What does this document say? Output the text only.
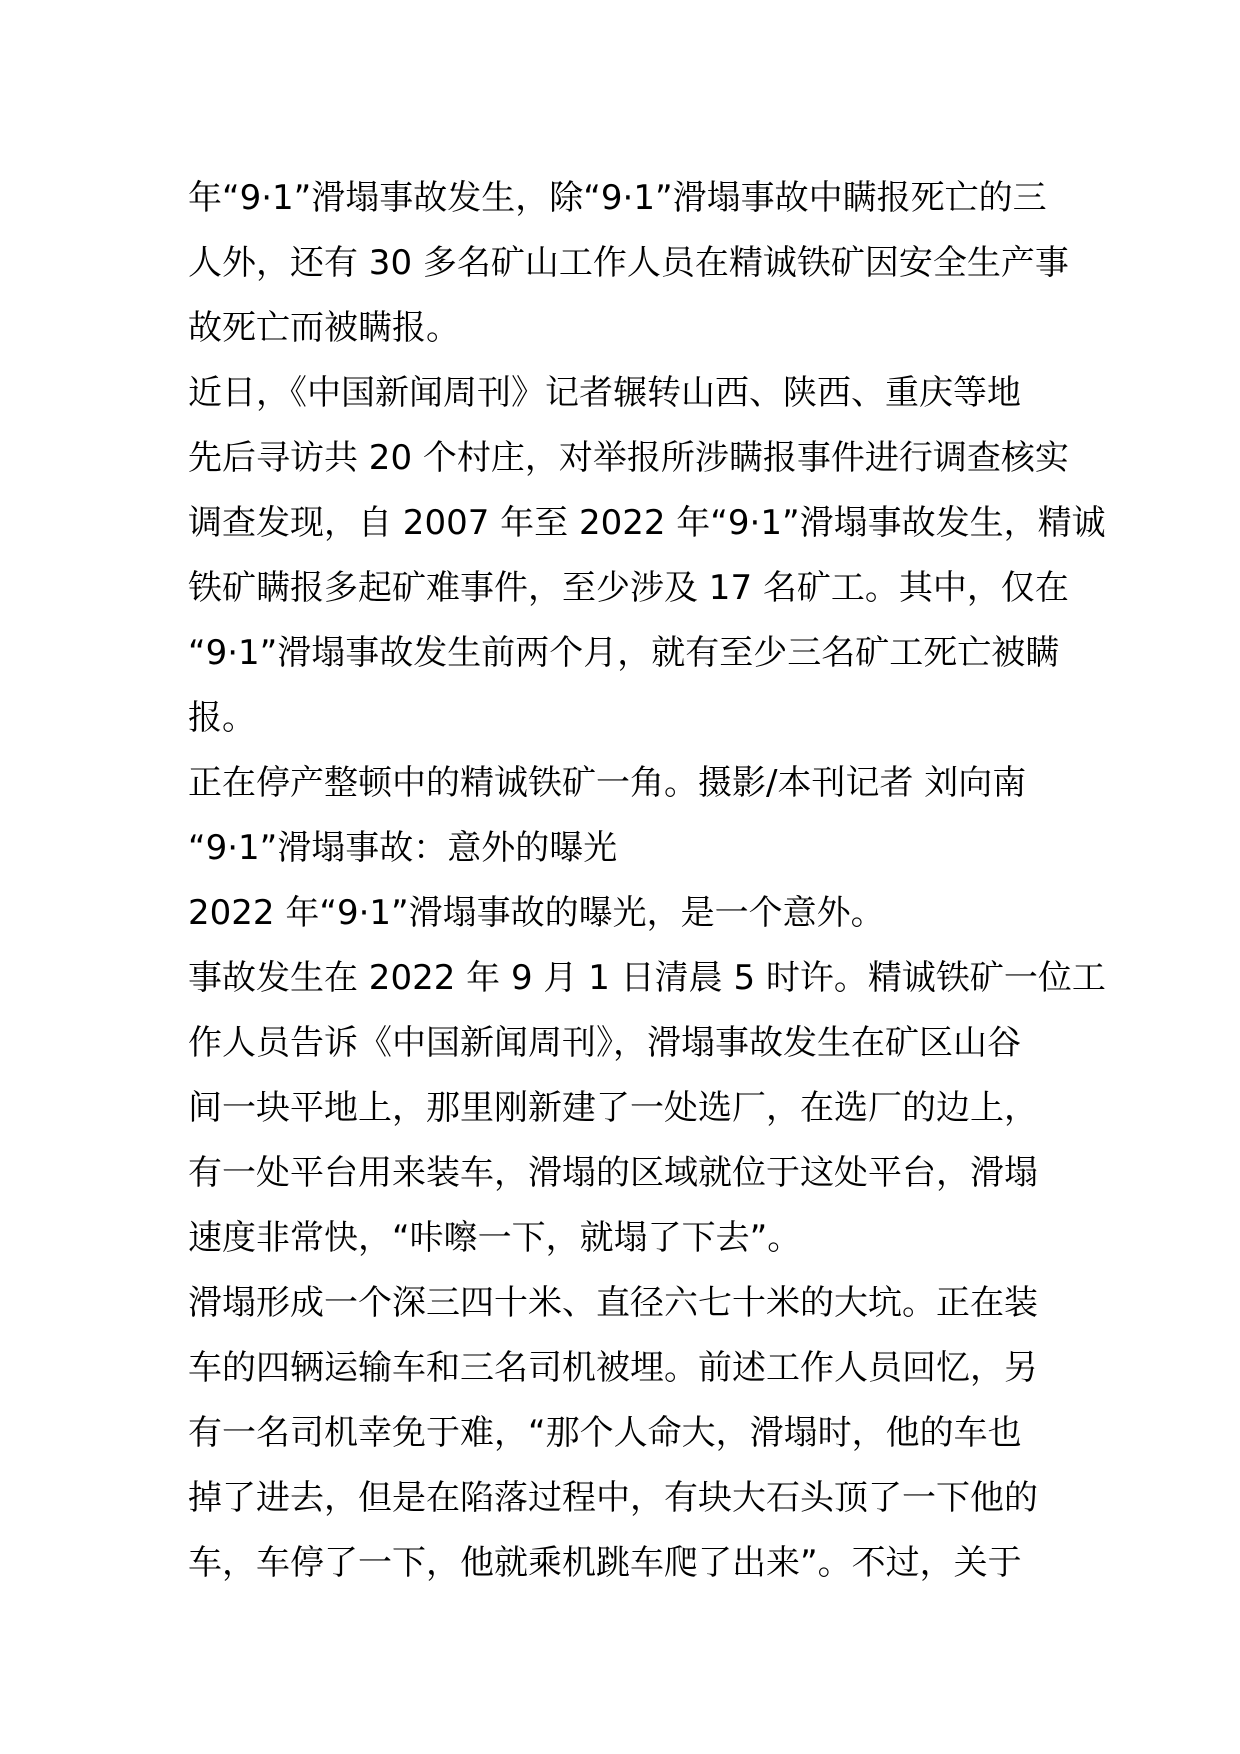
年“9·1”滑塌事故发生，除“9·1”滑塌事故中瞒报死亡的三
人外，还有 30 多名矿山工作人员在精诚铁矿因安全生产事
故死亡而被瞒报。
近日，《中国新闻周刊》记者辗转山西、陕西、重庆等地
先后寻访共 20 个村庄，对举报所涉瞒报事件进行调查核实
调查发现，自 2007 年至 2022 年“9·1”滑塌事故发生，精诚
铁矿瞒报多起矿难事件，至少涉及 17 名矿工。其中，仅在
“9·1”滑塌事故发生前两个月，就有至少三名矿工死亡被瞒
报。
正在停产整顿中的精诚铁矿一角。摄影/本刊记者 刘向南
“9·1”滑塌事故：意外的曝光
2022 年“9·1”滑塌事故的曝光，是一个意外。
事故发生在 2022 年 9 月 1 日清晨 5 时许。精诚铁矿一位工
作人员告诉《中国新闻周刊》，滑塌事故发生在矿区山谷
间一块平地上，那里刚新建了一处选厂，在选厂的边上，
有一处平台用来装车，滑塌的区域就位于这处平台，滑塌
速度非常快，“咔嚓一下，就塌了下去”。
滑塌形成一个深三四十米、直径六七十米的大坑。正在装
车的四辆运输车和三名司机被埋。前述工作人员回忆，另
有一名司机幸免于难，“那个人命大，滑塌时，他的车也
掉了进去，但是在陷落过程中，有块大石头顶了一下他的
车，车停了一下，他就乘机跳车爬了出来”。不过，关于
